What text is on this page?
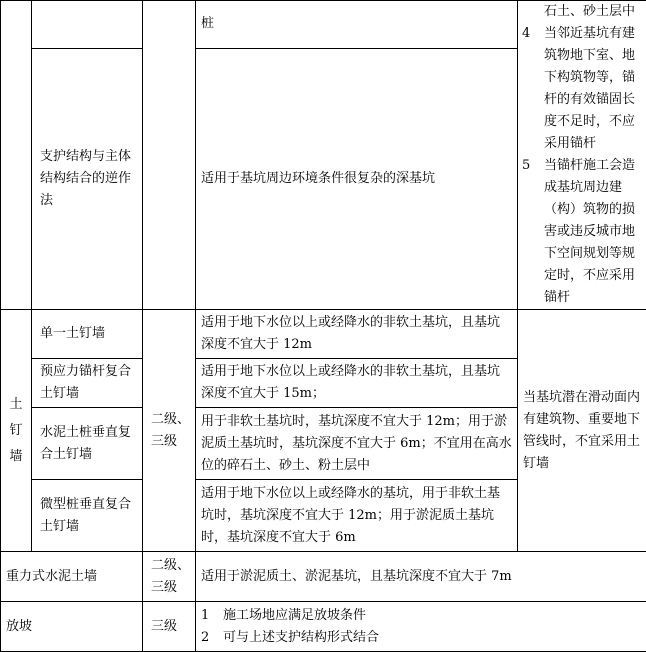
			桩	石土、砂土层中
4 当邻近基坑有建筑物地下室、地下构筑物等，锚杆的有效锚固长度不足时，不应采用锚杆
5 当锚杆施工会造成基坑周边建（构）筑物的损害或违反城市地下空间规划等规定时，不应采用锚杆

	支护结构与主体结构结合的逆作法		适用于基坑周边环境条件很复杂的深基坑	
土钉墙	单一土钉墙	二级、三级	适用于地下水位以上或经降水的非软土基坑，且基坑深度不宜大于 12m	当基坑潜在滑动面内有建筑物、重要地下管线时，不宜采用土钉墙
	预应力锚杆复合土钉墙		适用于地下水位以上或经降水的非软土基坑，且基坑深度不宜大于 15m；	
	水泥土桩垂直复合土钉墙		用于非软土基坑时，基坑深度不宜大于 12m；用于淤泥质土基坑时，基坑深度不宜大于 6m；不宜用在高水位的碎石土、砂土、粉土层中	
	微型桩垂直复合土钉墙		适用于地下水位以上或经降水的基坑，用于非软土基坑时，基坑深度不宜大于 12m；用于淤泥质土基坑时，基坑深度不宜大于 6m	
重力式水泥土墙		二级、三级	适用于淤泥质土、淤泥基坑，且基坑深度不宜大于 7m	
放坡		三级	1 施工场地应满足放坡条件
2 可与上述支护结构形式结合	
